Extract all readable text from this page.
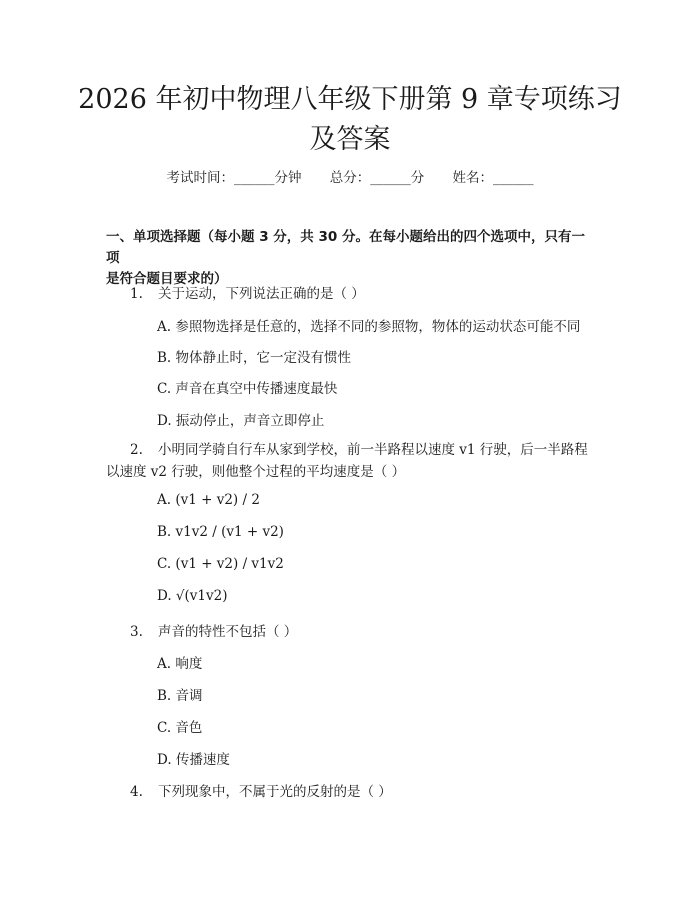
2026 年初中物理八年级下册第 9 章专项练习
及答案
考试时间：______分钟 总分：______分 姓名：______
一、单项选择题（每小题 3 分，共 30 分。在每小题给出的四个选项中，只有一项
是符合题目要求的）
1. 关于运动，下列说法正确的是（ ）
A. 参照物选择是任意的，选择不同的参照物，物体的运动状态可能不同
B. 物体静止时，它一定没有惯性
C. 声音在真空中传播速度最快
D. 振动停止，声音立即停止
2. 小明同学骑自行车从家到学校，前一半路程以速度 v1 行驶，后一半路程
以速度 v2 行驶，则他整个过程的平均速度是（ ）
A. (v1 + v2) / 2
B. v1v2 / (v1 + v2)
C. (v1 + v2) / v1v2
D. √(v1v2)
3. 声音的特性不包括（ ）
A. 响度
B. 音调
C. 音色
D. 传播速度
4. 下列现象中，不属于光的反射的是（ ）
